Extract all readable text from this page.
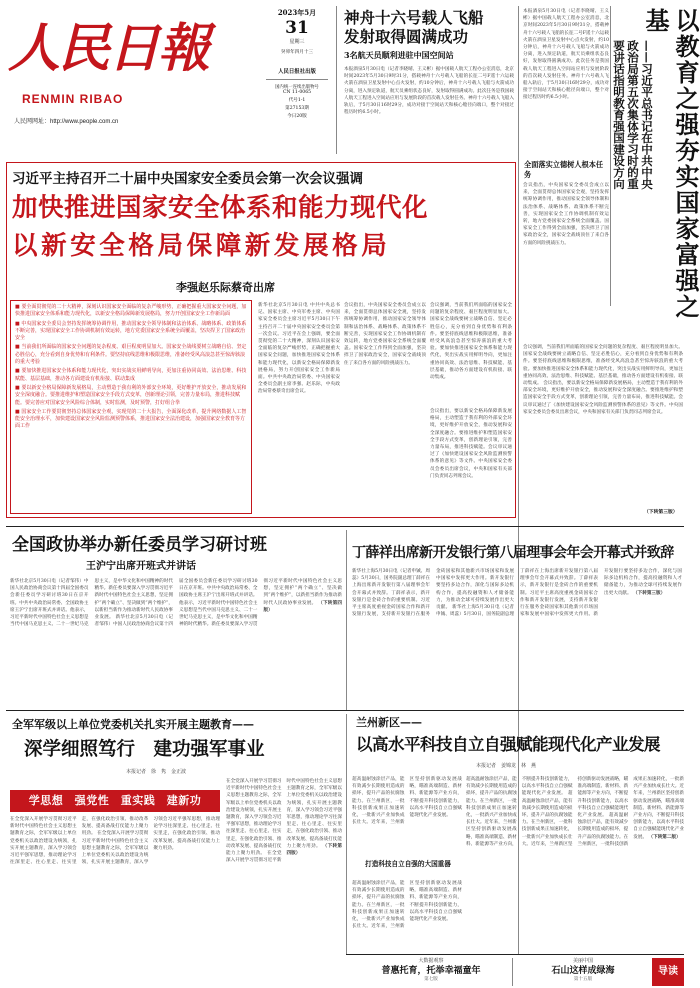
人民日報
RENMIN RIBAO
人民网网址：http://www.people.com.cn
2023年5月
31
星期三
癸卯年四月十三
人民日报社出版
国内统一连续出版物号
CN 11-0065
代号1-1
第27153期
今日20版
神舟十六号载人飞船
发射取得圆满成功
3名航天员顺利进驻中国空间站
本报酒泉5月30日电（记者李晓晴、王义彬）据中国载人航天工程办公室消息，北京时间2023年5月30日9时31分，搭载神舟十六号载人飞船的长征二号F遥十六运载火箭在酒泉卫星发射中心点火发射，约10分钟后，神舟十六号载人飞船与火箭成功分离，进入预定轨道，航天员乘组状态良好，发射取得圆满成功。此次任务是我国载人航天工程进入空间站应用与发展阶段的首次载人发射任务。神舟十六号载人飞船入轨后，于5月30日16时29分，成功对接于空间站天和核心舱径向端口，整个对接过程历时约6.5小时。
本报酒泉5月30日电（记者李晓晴、王义彬）据中国载人航天工程办公室消息，北京时间2023年5月30日9时31分，搭载神舟十六号载人飞船的长征二号F遥十六运载火箭在酒泉卫星发射中心点火发射，约10分钟后，神舟十六号载人飞船与火箭成功分离，进入预定轨道，航天员乘组状态良好，发射取得圆满成功。此次任务是我国载人航天工程进入空间站应用与发展阶段的首次载人发射任务。神舟十六号载人飞船入轨后，于5月30日16时29分，成功对接于空间站天和核心舱径向端口，整个对接过程历时约6.5小时。	以教育之强夯实国家富强之基
——习近平总书记在中共中央政治局第五次集体学习时的重要讲话指明教育强国建设方向
全面落实立德树人根本任务
会议指出，中央国家安全委员会成立以来，全面贯彻总体国家安全观，坚持发挥统筹协调作用，推动国家安全领导体制和法治体系、战略体系、政策体系不断完善，实现国家安全工作协调机制有效运转，地方党委国家安全系统全面覆盖。国家安全工作得到全面加强，坚决捍卫了国家政治安全，国家安全战线顶住了来自各方面的风险挑战压力。
会议强调，当前我们所面临的国家安全问题的复杂程度、艰巨程度明显加大。国家安全战线要树立战略自信、坚定必胜信心，充分看到自身优势和有利条件。要坚持底线思维和极限思维，准备经受风高浪急甚至惊涛骇浪的重大考验。要加快推进国家安全体系和能力现代化，突出实战实用鲜明导向，更加注重协同高效、法治思维、科技赋能、基层基础，推动各方面建设有机衔接、联动集成。 会议指出，要以新安全格局保障新发展格局，主动塑造于我有利的外部安全环境，更好维护开放安全，推动发展和安全深度融合。要推进维护和塑造国家安全手段方式变革，创新理论引领，完善力量布局，推进科技赋能。会议审议通过了《加快建设国家安全风险监测预警体系的意见》等文件。中央国家安全委员会委员出席会议，中央和国家有关部门负责同志列席会议。
（下转第三版）
习近平主持召开二十届中央国家安全委员会第一次会议强调
加快推进国家安全体系和能力现代化
以新安全格局保障新发展格局
李强赵乐际蔡奇出席
■ 要全面贯彻党的二十大精神，深刻认识国家安全面临的复杂严峻形势，正确把握重大国家安全问题，加快推进国家安全体系和能力现代化，以新安全格局保障新发展格局，努力开创国家安全工作新局面
■ 中央国家安全委员会坚持发挥统筹协调作用，推动国家安全领导体制和法治体系、战略体系、政策体系不断完善，实现国家安全工作协调机制有效运转，地方党委国家安全系统全面覆盖，坚决捍卫了国家政治安全
■ 当前我们所面临的国家安全问题的复杂程度、艰巨程度明显加大。国家安全战线要树立战略自信、坚定必胜信心，充分看到自身优势和有利条件。要坚持底线思维和极限思维，准备经受风高浪急甚至惊涛骇浪的重大考验
■ 要加快推进国家安全体系和能力现代化，突出实战实用鲜明导向，更加注重协同高效、法治思维、科技赋能、基层基础，推动各方面建设有机衔接、联动集成
■ 要以新安全格局保障新发展格局，主动塑造于我有利的外部安全环境，更好维护开放安全，推动发展和安全深度融合。要推进维护和塑造国家安全手段方式变革，创新理论引领，完善力量布局，推进科技赋能。要完善应对国家安全风险综合体制，实时监测，及时预警，打好组合拳
■ 国家安全工作要贯彻坚持总体国家安全观，实现党的二十大报告，全面深化改革，提升网络数据人工智能安全治理水平，加快建设国家安全风险监测预警体系，推进国家安全法治建设，加强国家安全教育等方面工作
新华社北京5月30日电 中共中央总书记、国家主席、中央军委主席、中央国家安全委员会主席习近平5月30日下午主持召开二十届中央国家安全委员会第一次会议。习近平在会上强调，要全面贯彻党的二十大精神，深刻认识国家安全面临的复杂严峻形势，正确把握重大国家安全问题，加快推进国家安全体系和能力现代化，以新安全格局保障新发展格局，努力开创国家安全工作新局面。中共中央政治局常委、中央国家安全委员会副主席李强、赵乐际，中央政治局常委蔡奇出席会议。
会议指出，中央国家安全委员会成立以来，全面贯彻总体国家安全观，坚持发挥统筹协调作用，推动国家安全领导体制和法治体系、战略体系、政策体系不断完善，实现国家安全工作协调机制有效运转，地方党委国家安全系统全面覆盖。国家安全工作得到全面加强，坚决捍卫了国家政治安全，国家安全战线顶住了来自各方面的风险挑战压力。
会议强调，当前我们所面临的国家安全问题的复杂程度、艰巨程度明显加大。国家安全战线要树立战略自信、坚定必胜信心，充分看到自身优势和有利条件。要坚持底线思维和极限思维，准备经受风高浪急甚至惊涛骇浪的重大考验。要加快推进国家安全体系和能力现代化，突出实战实用鲜明导向，更加注重协同高效、法治思维、科技赋能、基层基础，推动各方面建设有机衔接、联动集成。
会议指出，要以新安全格局保障新发展格局，主动塑造于我有利的外部安全环境，更好维护开放安全，推动发展和安全深度融合。要推进维护和塑造国家安全手段方式变革，创新理论引领，完善力量布局，推进科技赋能。会议审议通过了《加快建设国家安全风险监测预警体系的意见》等文件。中央国家安全委员会委员出席会议，中央和国家有关部门负责同志列席会议。
全国政协举办新任委员学习研讨班
王沪宁出席开班式并讲话
新华社北京5月30日电（记者邹伟）中国人民政治协商会议第十四届全国委员会新任委员学习研讨班30日在京开班。中共中央政治局常委、全国政协主席王沪宁出席开班式并讲话。他表示，习近平新时代中国特色社会主义思想是当代中国马克思主义、二十一世纪马克思主义，是中华文化和中国精神的时代精华。新任委员要深入学习贯彻习近平新时代中国特色社会主义思想，坚定拥护“两个确立”、坚决做到“两个维护”，以新担当新作为推动新时代人民政协事业发展。 新华社北京5月30日电（记者邹伟）中国人民政治协商会议第十四届全国委员会新任委员学习研讨班30日在京开班。中共中央政治局常委、全国政协主席王沪宁出席开班式并讲话。他表示，习近平新时代中国特色社会主义思想是当代中国马克思主义、二十一世纪马克思主义，是中华文化和中国精神的时代精华。新任委员要深入学习贯彻习近平新时代中国特色社会主义思想，坚定拥护“两个确立”、坚决做到“两个维护”，以新担当新作为推动新时代人民政协事业发展。 （下转第四版）
丁薛祥出席新开发银行第八届理事会年会开幕式并致辞
新华社上海5月30日电（记者申铖、周蕊）5月30日，国务院副总理丁薛祥在上海出席新开发银行第八届理事会年会开幕式并致辞。丁薛祥表示，新开发银行是金砖合作的重要机制。习近平主席高度重视金砖国家合作和新开发银行发展，支持新开发银行在服务金砖国家和其他新兴市场国家和发展中国家中发挥更大作用。新开发银行要坚持多边合作，深化与国际多边机构合作，提高投融资和人才储备能力，为推动全球可持续发展作出更大贡献。 新华社上海5月30日电（记者申铖、周蕊）5月30日，国务院副总理丁薛祥在上海出席新开发银行第八届理事会年会开幕式并致辞。丁薛祥表示，新开发银行是金砖合作的重要机制。习近平主席高度重视金砖国家合作和新开发银行发展，支持新开发银行在服务金砖国家和其他新兴市场国家和发展中国家中发挥更大作用。新开发银行要坚持多边合作，深化与国际多边机构合作，提高投融资和人才储备能力，为推动全球可持续发展作出更大贡献。 （下转第三版）
全军军级以上单位党委机关扎实开展主题教育——
深学细照笃行　建功强军事业
本报记者　徐　隽　金正波
学思想　强党性　重实践　建新功
在全党深入开展学习贯彻习近平新时代中国特色社会主义思想主题教育之际，全军军级以上单位党委机关以政治建设为统领，扎实开展主题教育，深入学习领会习近平强军思想，推动理论学习往深里走、往心里走、往实里走，在强化政治引领、推动改革发展、提高备战打仗能力上聚力用劲。 在全党深入开展学习贯彻习近平新时代中国特色社会主义思想主题教育之际，全军军级以上单位党委机关以政治建设为统领，扎实开展主题教育，深入学习领会习近平强军思想，推动理论学习往深里走、往心里走、往实里走，在强化政治引领、推动改革发展、提高备战打仗能力上聚力用劲。
在全党深入开展学习贯彻习近平新时代中国特色社会主义思想主题教育之际，全军军级以上单位党委机关以政治建设为统领，扎实开展主题教育，深入学习领会习近平强军思想，推动理论学习往深里走、往心里走、往实里走，在强化政治引领、推动改革发展、提高备战打仗能力上聚力用劲。 在全党深入开展学习贯彻习近平新时代中国特色社会主义思想主题教育之际，全军军级以上单位党委机关以政治建设为统领，扎实开展主题教育，深入学习领会习近平强军思想，推动理论学习往深里走、往心里走、往实里走，在强化政治引领、推动改革发展、提高备战打仗能力上聚力用劲。 （下转第四版）
兰州新区——
以高水平科技自立自强赋能现代化产业发展
本报记者　姜锦龙　林　燕
超高温耐蚀涂层产品，能有效减少长期使用造成的损坏，提升产品的抗腐蚀能力。在兰州新区，一批科技创新成果正加速转化，一批新兴产业加快成长壮大。近年来，兰州新区坚持创新驱动发展战略，瞄准高端制造、新材料、新能源等产业方向，不断提升科技创新能力，以高水平科技自立自强赋能现代化产业发展。
打造科技自立自强的大国重器
超高温耐蚀涂层产品，能有效减少长期使用造成的损坏，提升产品的抗腐蚀能力。在兰州新区，一批科技创新成果正加速转化，一批新兴产业加快成长壮大。近年来，兰州新区坚持创新驱动发展战略，瞄准高端制造、新材料、新能源等产业方向，不断提升科技创新能力，以高水平科技自立自强赋能现代化产业发展。
超高温耐蚀涂层产品，能有效减少长期使用造成的损坏，提升产品的抗腐蚀能力。在兰州新区，一批科技创新成果正加速转化，一批新兴产业加快成长壮大。近年来，兰州新区坚持创新驱动发展战略，瞄准高端制造、新材料、新能源等产业方向，不断提升科技创新能力，以高水平科技自立自强赋能现代化产业发展。 超高温耐蚀涂层产品，能有效减少长期使用造成的损坏，提升产品的抗腐蚀能力。在兰州新区，一批科技创新成果正加速转化，一批新兴产业加快成长壮大。近年来，兰州新区坚持创新驱动发展战略，瞄准高端制造、新材料、新能源等产业方向，不断提升科技创新能力，以高水平科技自立自强赋能现代化产业发展。 超高温耐蚀涂层产品，能有效减少长期使用造成的损坏，提升产品的抗腐蚀能力。在兰州新区，一批科技创新成果正加速转化，一批新兴产业加快成长壮大。近年来，兰州新区坚持创新驱动发展战略，瞄准高端制造、新材料、新能源等产业方向，不断提升科技创新能力，以高水平科技自立自强赋能现代化产业发展。 （下转第二版）
大数据观察
普惠托育，托举幸福童年
第七版
美丽中国
石山这样成绿海
第十五版
导读
